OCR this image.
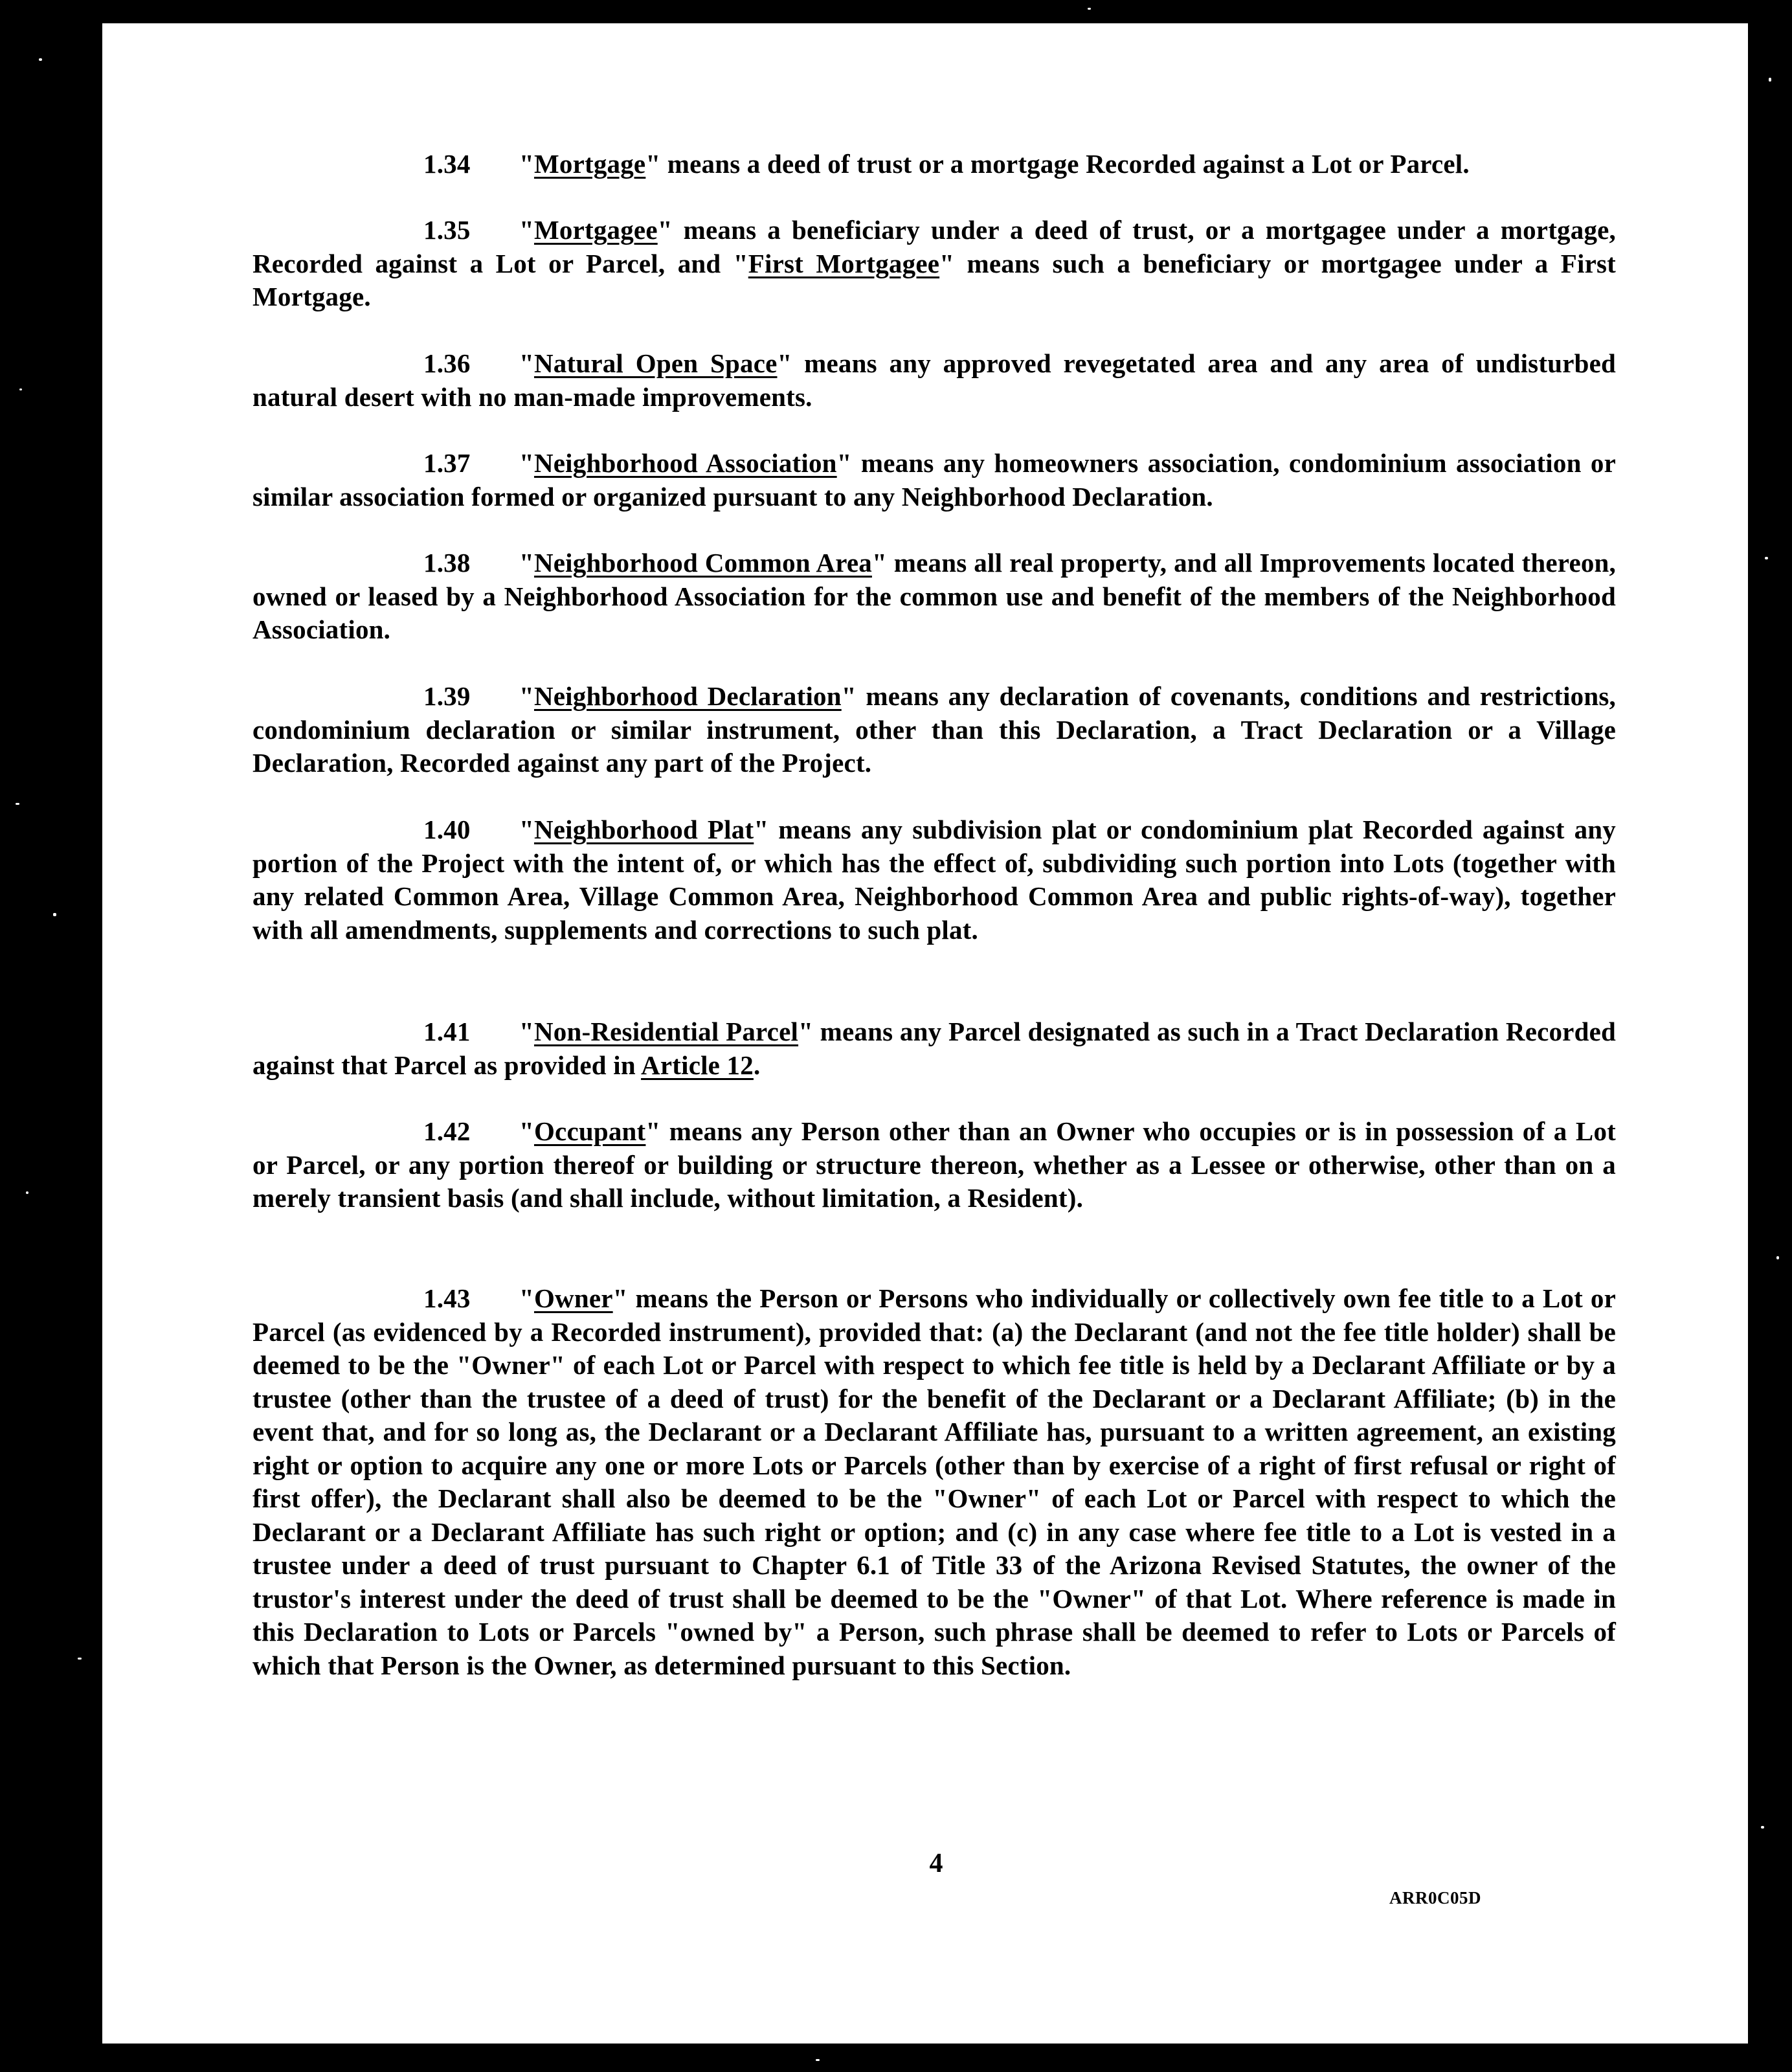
1.34 "Mortgage" means a deed of trust or a mortgage Recorded against a Lot or Parcel.

1.35 "Mortgagee" means a beneficiary under a deed of trust, or a mortgagee under a mortgage, Recorded against a Lot or Parcel, and "First Mortgagee" means such a beneficiary or mortgagee under a First Mortgage.

1.36 "Natural Open Space" means any approved revegetated area and any area of undisturbed natural desert with no man-made improvements.

1.37 "Neighborhood Association" means any homeowners association, condominium association or similar association formed or organized pursuant to any Neighborhood Declaration.

1.38 "Neighborhood Common Area" means all real property, and all Improvements located thereon, owned or leased by a Neighborhood Association for the common use and benefit of the members of the Neighborhood Association.

1.39 "Neighborhood Declaration" means any declaration of covenants, conditions and restrictions, condominium declaration or similar instrument, other than this Declaration, a Tract Declaration or a Village Declaration, Recorded against any part of the Project.

1.40 "Neighborhood Plat" means any subdivision plat or condominium plat Recorded against any portion of the Project with the intent of, or which has the effect of, subdividing such portion into Lots (together with any related Common Area, Village Common Area, Neighborhood Common Area and public rights-of-way), together with all amendments, supplements and corrections to such plat.

1.41 "Non-Residential Parcel" means any Parcel designated as such in a Tract Declaration Recorded against that Parcel as provided in Article 12.

1.42 "Occupant" means any Person other than an Owner who occupies or is in possession of a Lot or Parcel, or any portion thereof or building or structure thereon, whether as a Lessee or otherwise, other than on a merely transient basis (and shall include, without limitation, a Resident).

1.43 "Owner" means the Person or Persons who individually or collectively own fee title to a Lot or Parcel (as evidenced by a Recorded instrument), provided that: (a) the Declarant (and not the fee title holder) shall be deemed to be the "Owner" of each Lot or Parcel with respect to which fee title is held by a Declarant Affiliate or by a trustee (other than the trustee of a deed of trust) for the benefit of the Declarant or a Declarant Affiliate; (b) in the event that, and for so long as, the Declarant or a Declarant Affiliate has, pursuant to a written agreement, an existing right or option to acquire any one or more Lots or Parcels (other than by exercise of a right of first refusal or right of first offer), the Declarant shall also be deemed to be the "Owner" of each Lot or Parcel with respect to which the Declarant or a Declarant Affiliate has such right or option; and (c) in any case where fee title to a Lot is vested in a trustee under a deed of trust pursuant to Chapter 6.1 of Title 33 of the Arizona Revised Statutes, the owner of the trustor's interest under the deed of trust shall be deemed to be the "Owner" of that Lot. Where reference is made in this Declaration to Lots or Parcels "owned by" a Person, such phrase shall be deemed to refer to Lots or Parcels of which that Person is the Owner, as determined pursuant to this Section.

4
ARR0C05D
